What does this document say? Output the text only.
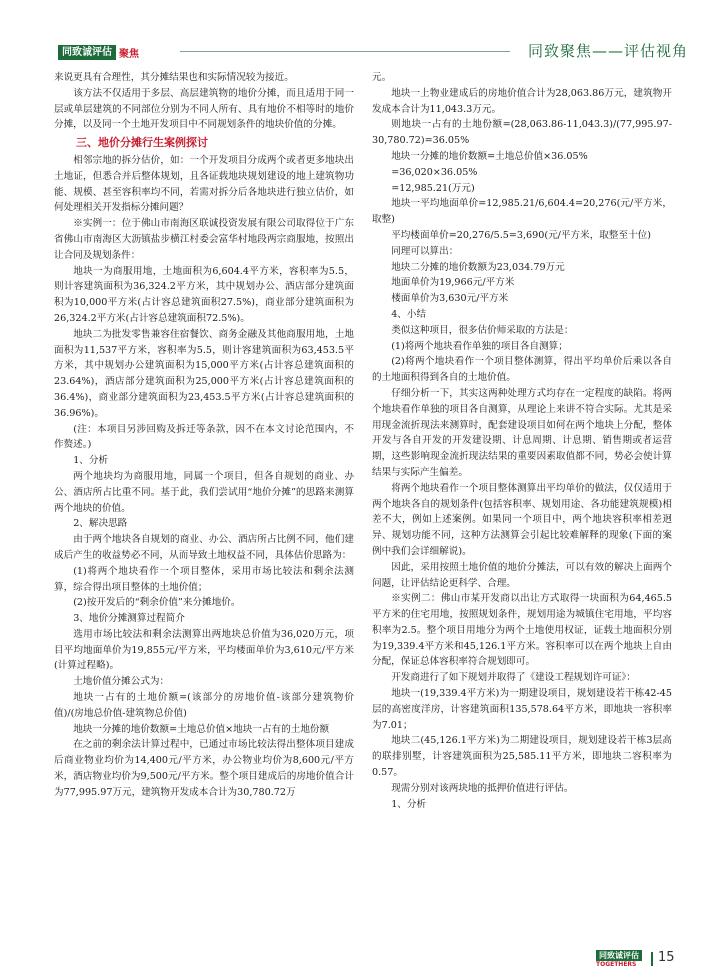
同致诚评估 聚焦	同致聚焦——评估视角

来说更具有合理性，其分摊结果也和实际情况较为接近。

该方法不仅适用于多层、高层建筑物的地价分摊，而且适用于同一层或单层建筑的不同部位分别为不同人所有、具有地价不相等时的地价分摊，以及同一个土地开发项目中不同规划条件的地块价值的分摊。

三、地价分摊行生案例探讨

相邻宗地的拆分估价，如：一个开发项目分成两个或者更多地块出土地证，但悉合并后整体规划，且各证载地块规划建设的地上建筑物功能、规模、甚至容积率均不同，若需对拆分后各地块进行独立估价，如何处理相关开发指标分摊问题？

※实例一：位于佛山市南海区联诚投资发展有限公司取得位于广东省佛山市南海区大沥镇盐步横江村委会富华村地段两宗商服地，按照出让合同及规划条件：

地块一为商服用地，土地面积为6,604.4平方米，容积率为5.5，则计容建筑面积为36,324.2平方米，其中规划办公、酒店部分建筑面积为10,000平方米(占计容总建筑面积27.5%)，商业部分建筑面积为26,324.2平方米(占计容总建筑面积72.5%)。

地块二为批发零售兼容住宿餐饮、商务金融及其他商服用地，土地面积为11,537平方米，容积率为5.5，则计容建筑面积为63,453.5平方米，其中规划办公建筑面积为15,000平方米(占计容总建筑面积的23.64%)，酒店部分建筑面积为25,000平方米(占计容总建筑面积的36.4%)，商业部分建筑面积为23,453.5平方米(占计容总建筑面积的36.96%)。

(注：本项目另涉回购及拆迁等条款，因不在本文讨论范围内，不作赘述。)

1、分析

两个地块均为商服用地，同属一个项目，但各自规划的商业、办公、酒店所占比重不同。基于此，我们尝试用“地价分摊”的思路来测算两个地块的价值。

2、解决思路

由于两个地块各自规划的商业、办公、酒店所占比例不同，他们建成后产生的收益势必不同，从而导致土地权益不同，具体估价思路为：

(1)将两个地块看作一个项目整体，采用市场比较法和剩余法测算，综合得出项目整体的土地价值；

(2)按开发后的“剩余价值”来分摊地价。

3、地价分摊测算过程简介

选用市场比较法和剩余法测算出两地块总价值为36,020万元，项目平均地面单价为19,855元/平方米，平均楼面单价为3,610元/平方米(计算过程略)。

土地价值分摊公式为：

地块一占有的土地价额=(该部分的房地价值-该部分建筑物价值)/(房地总价值-建筑物总价值)

地块一分摊的地价数额=土地总价值×地块一占有的土地份额

在之前的剩余法计算过程中，已通过市场比较法得出整体项目建成后商业物业均价为14,400元/平方米，办公物业均价为8,600元/平方米，酒店物业均价为9,500元/平方米。整个项目建成后的房地价值合计为77,995.97万元，建筑物开发成本合计为30,780.72万

元。

地块一上物业建成后的房地价值合计为28,063.86万元，建筑物开发成本合计为11,043.3万元。

则地块一占有的土地份额=(28,063.86-11,043.3)/(77,995.97-30,780.72)=36.05%

地块一分摊的地价数额=土地总价值×36.05%

=36,020×36.05%

=12,985.21(万元)

地块一平均地面单价=12,985.21/6,604.4=20,276(元/平方米，取整)

平均楼面单价=20,276/5.5=3,690(元/平方米，取整至十位)

同理可以算出：

地块二分摊的地价数额为23,034.79万元

地面单价为19,966元/平方米

楼面单价为3,630元/平方米

4、小结

类似这种项目，很多估价师采取的方法是：

(1)将两个地块看作单独的项目各自测算；

(2)将两个地块看作一个项目整体测算，得出平均单价后乘以各自的土地面积得到各自的土地价值。

仔细分析一下，其实这两种处理方式均存在一定程度的缺陷。将两个地块看作单独的项目各自测算，从理论上来讲不符合实际。尤其是采用现金流折现法来测算时，配套建设项目如何在两个地块上分配，整体开发与各自开发的开发建设期、计息周期、计息期、销售期或者运营期，这些影响现金流折现法结果的重要因素取值都不同，势必会使计算结果与实际产生偏差。

将两个地块看作一个项目整体测算出平均单价的做法，仅仅适用于两个地块各自的规划条件(包括容积率、规划用途、各功能建筑规模)相差不大，例如上述案例。如果同一个项目中，两个地块容积率相差迥异、规划功能不同，这种方法测算会引起比较难解释的现象(下面的案例中我们会详细解说)。

因此，采用按照土地价值的地价分摊法，可以有效的解决上面两个问题，让评估结论更科学、合理。

※实例二：佛山市某开发商以出让方式取得一块面积为64,465.5平方米的住宅用地，按照规划条件，规划用途为城镇住宅用地，平均容积率为2.5。整个项目用地分为两个土地使用权证，证载土地面积分别为19,339.4平方米和45,126.1平方米。容积率可以在两个地块上自由分配，保证总体容积率符合规划即可。

开发商进行了如下规划并取得了《建设工程规划许可证》：

地块一(19,339.4平方米)为一期建设项目，规划建设若干栋42-45层的高密度洋房，计容建筑面积135,578.64平方米，即地块一容积率为7.01；

地块二(45,126.1平方米)为二期建设项目，规划建设若干栋3层高的联排别墅，计容建筑面积为25,585.11平方米，即地块二容积率为0.57。

现需分别对该两块地的抵押价值进行评估。

1、分析

同致诚评估
TOGETHERS 15
